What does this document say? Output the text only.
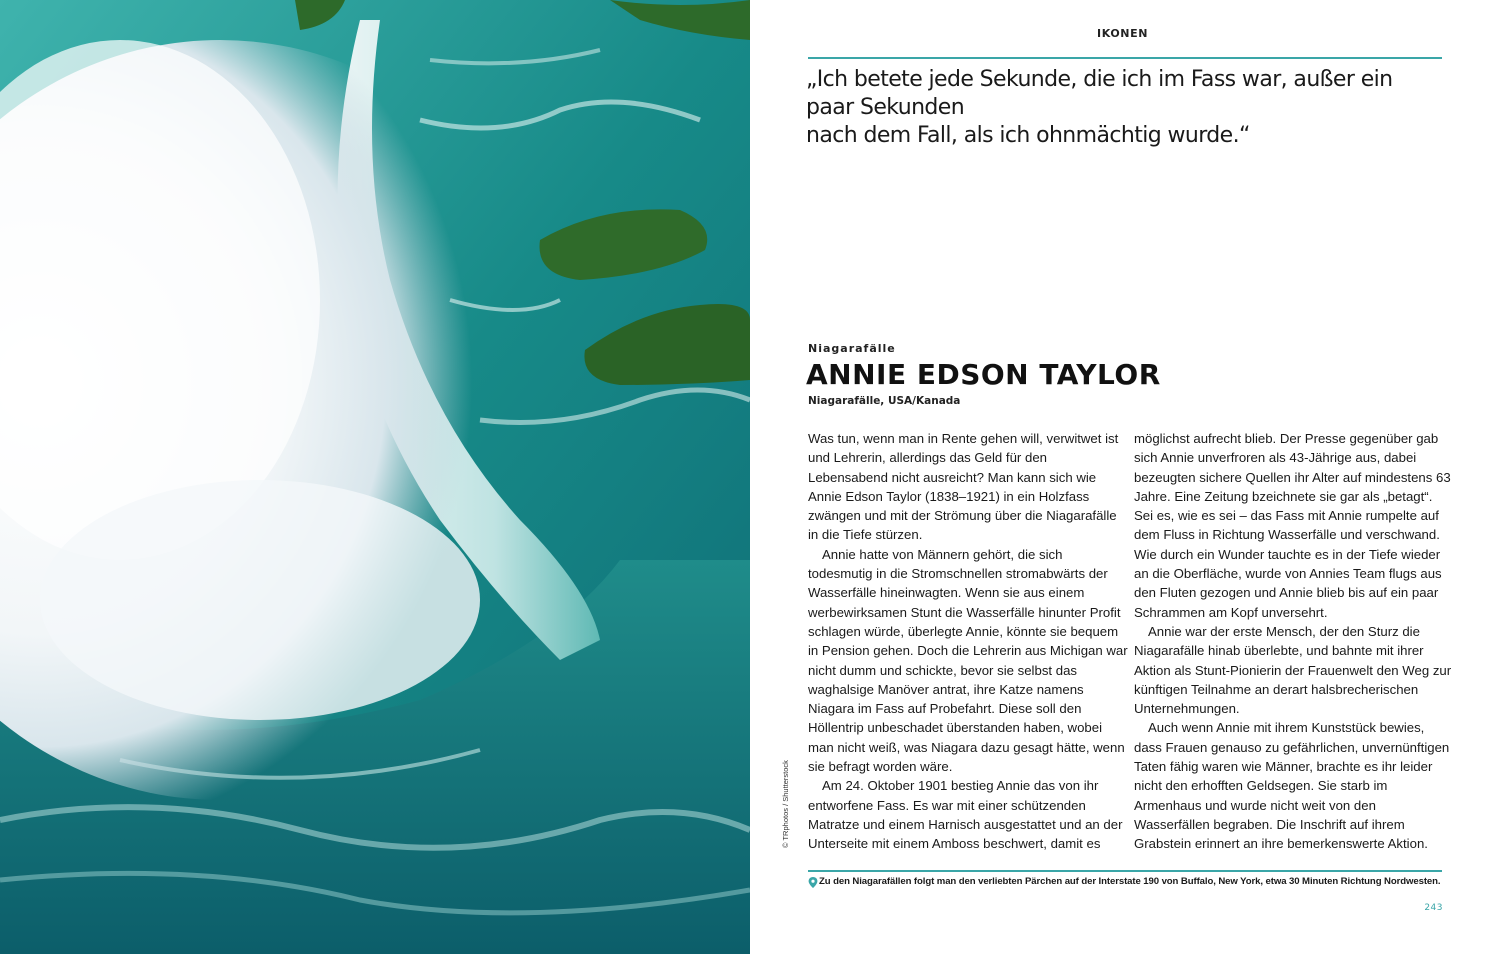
IKONEN
„Ich betete jede Sekunde, die ich im Fass war, außer ein paar Sekunden
nach dem Fall, als ich ohnmächtig wurde.“
Niagarafälle
ANNIE EDSON TAYLOR
Niagarafälle, USA/Kanada

Was tun, wenn man in Rente gehen will, verwitwet ist und Lehrerin, allerdings das Geld für den Lebensabend nicht ausreicht? Man kann sich wie Annie Edson Taylor (1838–1921) in ein Holzfass zwängen und mit der Strömung über die Niagarafälle in die Tiefe stürzen.

Annie hatte von Männern gehört, die sich todesmutig in die Stromschnellen stromabwärts der Wasserfälle hineinwagten. Wenn sie aus einem werbewirksamen Stunt die Wasserfälle hinunter Profit schlagen würde, überlegte Annie, könnte sie bequem in Pension gehen. Doch die Lehrerin aus Michigan war nicht dumm und schickte, bevor sie selbst das waghalsige Manöver antrat, ihre Katze namens Niagara im Fass auf Probefahrt. Diese soll den Höllentrip unbeschadet überstanden haben, wobei man nicht weiß, was Niagara dazu gesagt hätte, wenn sie befragt worden wäre.

Am 24. Oktober 1901 bestieg Annie das von ihr entworfene Fass. Es war mit einer schützenden Matratze und einem Harnisch ausgestattet und an der Unterseite mit einem Amboss beschwert, damit es

möglichst aufrecht blieb. Der Presse gegenüber gab sich Annie unverfroren als 43-Jährige aus, dabei bezeugten sichere Quellen ihr Alter auf mindestens 63 Jahre. Eine Zeitung bzeichnete sie gar als „betagt“. Sei es, wie es sei – das Fass mit Annie rumpelte auf dem Fluss in Richtung Wasserfälle und verschwand. Wie durch ein Wunder tauchte es in der Tiefe wieder an die Oberfläche, wurde von Annies Team flugs aus den Fluten gezogen und Annie blieb bis auf ein paar Schrammen am Kopf unversehrt.

Annie war der erste Mensch, der den Sturz die Niagarafälle hinab überlebte, und bahnte mit ihrer Aktion als Stunt-Pionierin der Frauenwelt den Weg zur künftigen Teilnahme an derart halsbrecherischen Unternehmungen.

Auch wenn Annie mit ihrem Kunststück bewies, dass Frauen genauso zu gefährlichen, unvernünftigen Taten fähig waren wie Männer, brachte es ihr leider nicht den erhofften Geldsegen. Sie starb im Armenhaus und wurde nicht weit von den Wasserfällen begraben. Die Inschrift auf ihrem Grabstein erinnert an ihre bemerkenswerte Aktion.

© TRphotos / Shutterstock
Zu den Niagarafällen folgt man den verliebten Pärchen auf der Interstate 190 von Buffalo, New York, etwa 30 Minuten Richtung Nordwesten.
243
